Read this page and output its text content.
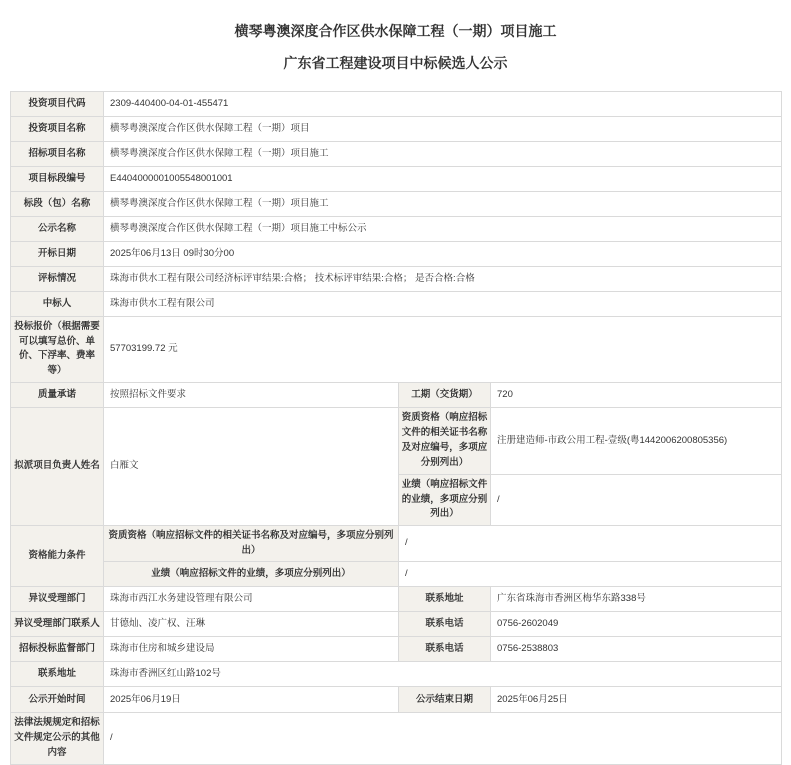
横琴粤澳深度合作区供水保障工程（一期）项目施工
广东省工程建设项目中标候选人公示
投资项目代码	2309-440400-04-01-455471		
投资项目名称	横琴粤澳深度合作区供水保障工程（一期）项目		
招标项目名称	横琴粤澳深度合作区供水保障工程（一期）项目施工		
项目标段编号	E4404000001005548001001		
标段（包）名称	横琴粤澳深度合作区供水保障工程（一期）项目施工		
公示名称	横琴粤澳深度合作区供水保障工程（一期）项目施工中标公示		
开标日期	2025年06月13日 09时30分00		
评标情况	珠海市供水工程有限公司经济标评审结果:合格； 技术标评审结果:合格； 是否合格:合格		
中标人	珠海市供水工程有限公司		
投标报价（根据需要可以填写总价、单价、下浮率、费率等）	57703199.72 元		
质量承诺	按照招标文件要求	工期（交货期）	720
拟派项目负责人姓名	白雁文	资质资格（响应招标文件的相关证书名称及对应编号，多项应分别列出）	注册建造师-市政公用工程-壹级(粤1442006200805356)
		业绩（响应招标文件的业绩，多项应分别列出）	/
资格能力条件	资质资格（响应招标文件的相关证书名称及对应编号，多项应分别列出）	/	
	业绩（响应招标文件的业绩，多项应分别列出）	/	
异议受理部门	珠海市西江水务建设管理有限公司	联系地址	广东省珠海市香洲区梅华东路338号
异议受理部门联系人	甘德灿、凌广权、汪琳	联系电话	0756-2602049
招标投标监督部门	珠海市住房和城乡建设局	联系电话	0756-2538803
联系地址	珠海市香洲区红山路102号		
公示开始时间	2025年06月19日	公示结束日期	2025年06月25日
法律法规规定和招标文件规定公示的其他内容	/		
